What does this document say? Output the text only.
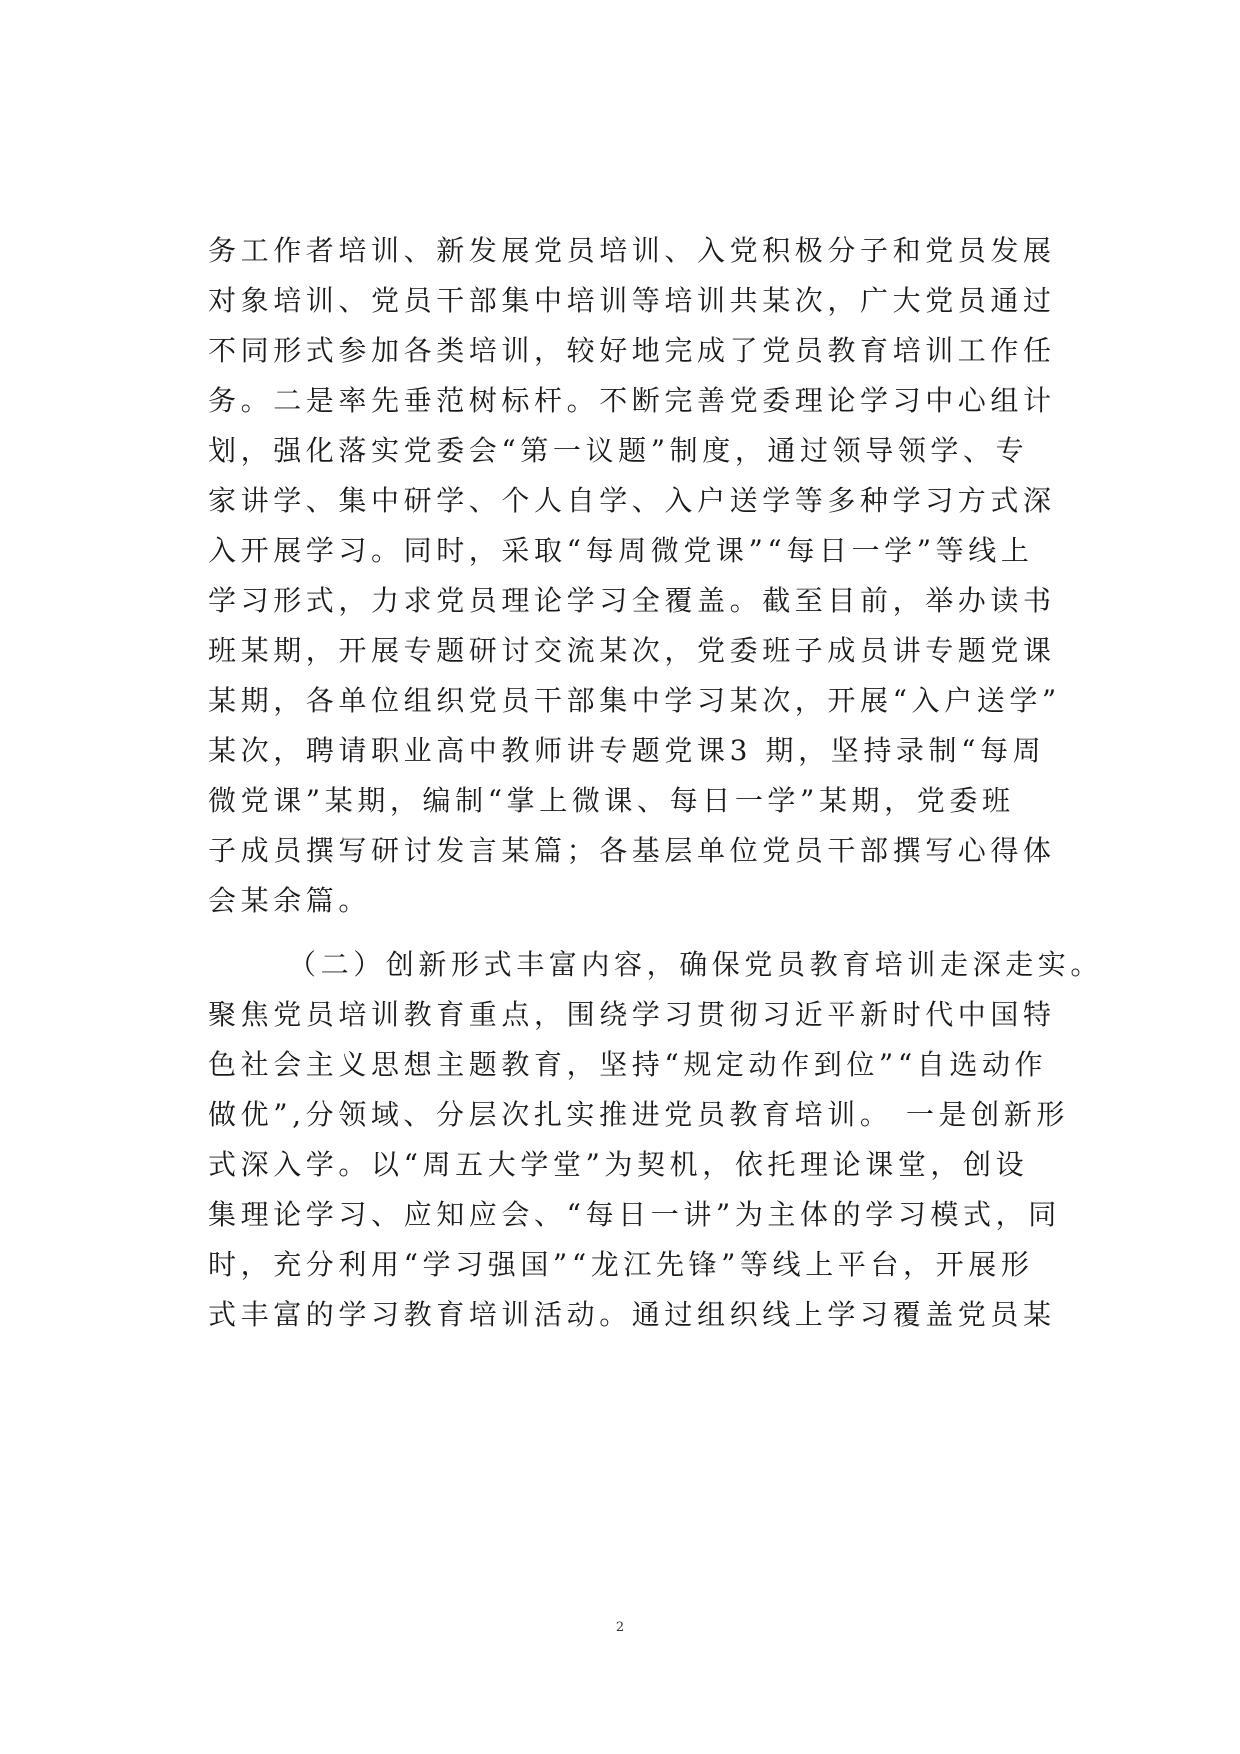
务工作者培训、新发展党员培训、入党积极分子和党员发展
对象培训、党员干部集中培训等培训共某次，广大党员通过
不同形式参加各类培训，较好地完成了党员教育培训工作任
务。二是率先垂范树标杆。不断完善党委理论学习中心组计
划，强化落实党委会“第一议题”制度，通过领导领学、专
家讲学、集中研学、个人自学、入户送学等多种学习方式深
入开展学习。同时，采取“每周微党课”“每日一学”等线上
学习形式，力求党员理论学习全覆盖。截至目前，举办读书
班某期，开展专题研讨交流某次，党委班子成员讲专题党课
某期，各单位组织党员干部集中学习某次，开展“入户送学”
某次，聘请职业高中教师讲专题党课3 期，坚持录制“每周
微党课”某期，编制“掌上微课、每日一学”某期，党委班
子成员撰写研讨发言某篇；各基层单位党员干部撰写心得体
会某余篇。
（二）创新形式丰富内容，确保党员教育培训走深走实。
聚焦党员培训教育重点，围绕学习贯彻习近平新时代中国特
色社会主义思想主题教育，坚持“规定动作到位”“自选动作
做优”,分领域、分层次扎实推进党员教育培训。 一是创新形
式深入学。以“周五大学堂”为契机，依托理论课堂，创设
集理论学习、应知应会、“每日一讲”为主体的学习模式，同
时，充分利用“学习强国”“龙江先锋”等线上平台，开展形
式丰富的学习教育培训活动。通过组织线上学习覆盖党员某
2
